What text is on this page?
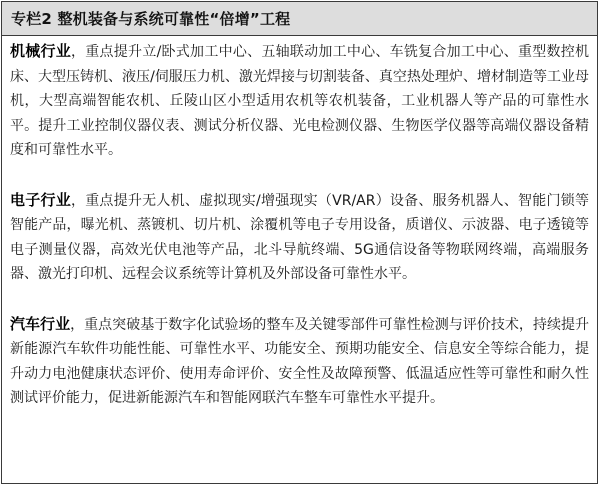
专栏2 整机装备与系统可靠性“倍增”工程

机械行业，重点提升立/卧式加工中心、五轴联动加工中心、车铣复合加工中心、重型数控机床、大型压铸机、液压/伺服压力机、激光焊接与切割装备、真空热处理炉、增材制造等工业母机，大型高端智能农机、丘陵山区小型适用农机等农机装备，工业机器人等产品的可靠性水平。提升工业控制仪器仪表、测试分析仪器、光电检测仪器、生物医学仪器等高端仪器设备精度和可靠性水平。

电子行业，重点提升无人机、虚拟现实/增强现实（VR/AR）设备、服务机器人、智能门锁等智能产品，曝光机、蒸镀机、切片机、涂覆机等电子专用设备，质谱仪、示波器、电子透镜等电子测量仪器，高效光伏电池等产品，北斗导航终端、5G通信设备等物联网终端，高端服务器、激光打印机、远程会议系统等计算机及外部设备可靠性水平。

汽车行业，重点突破基于数字化试验场的整车及关键零部件可靠性检测与评价技术，持续提升新能源汽车软件功能性能、可靠性水平、功能安全、预期功能安全、信息安全等综合能力，提升动力电池健康状态评价、使用寿命评价、安全性及故障预警、低温适应性等可靠性和耐久性测试评价能力，促进新能源汽车和智能网联汽车整车可靠性水平提升。
